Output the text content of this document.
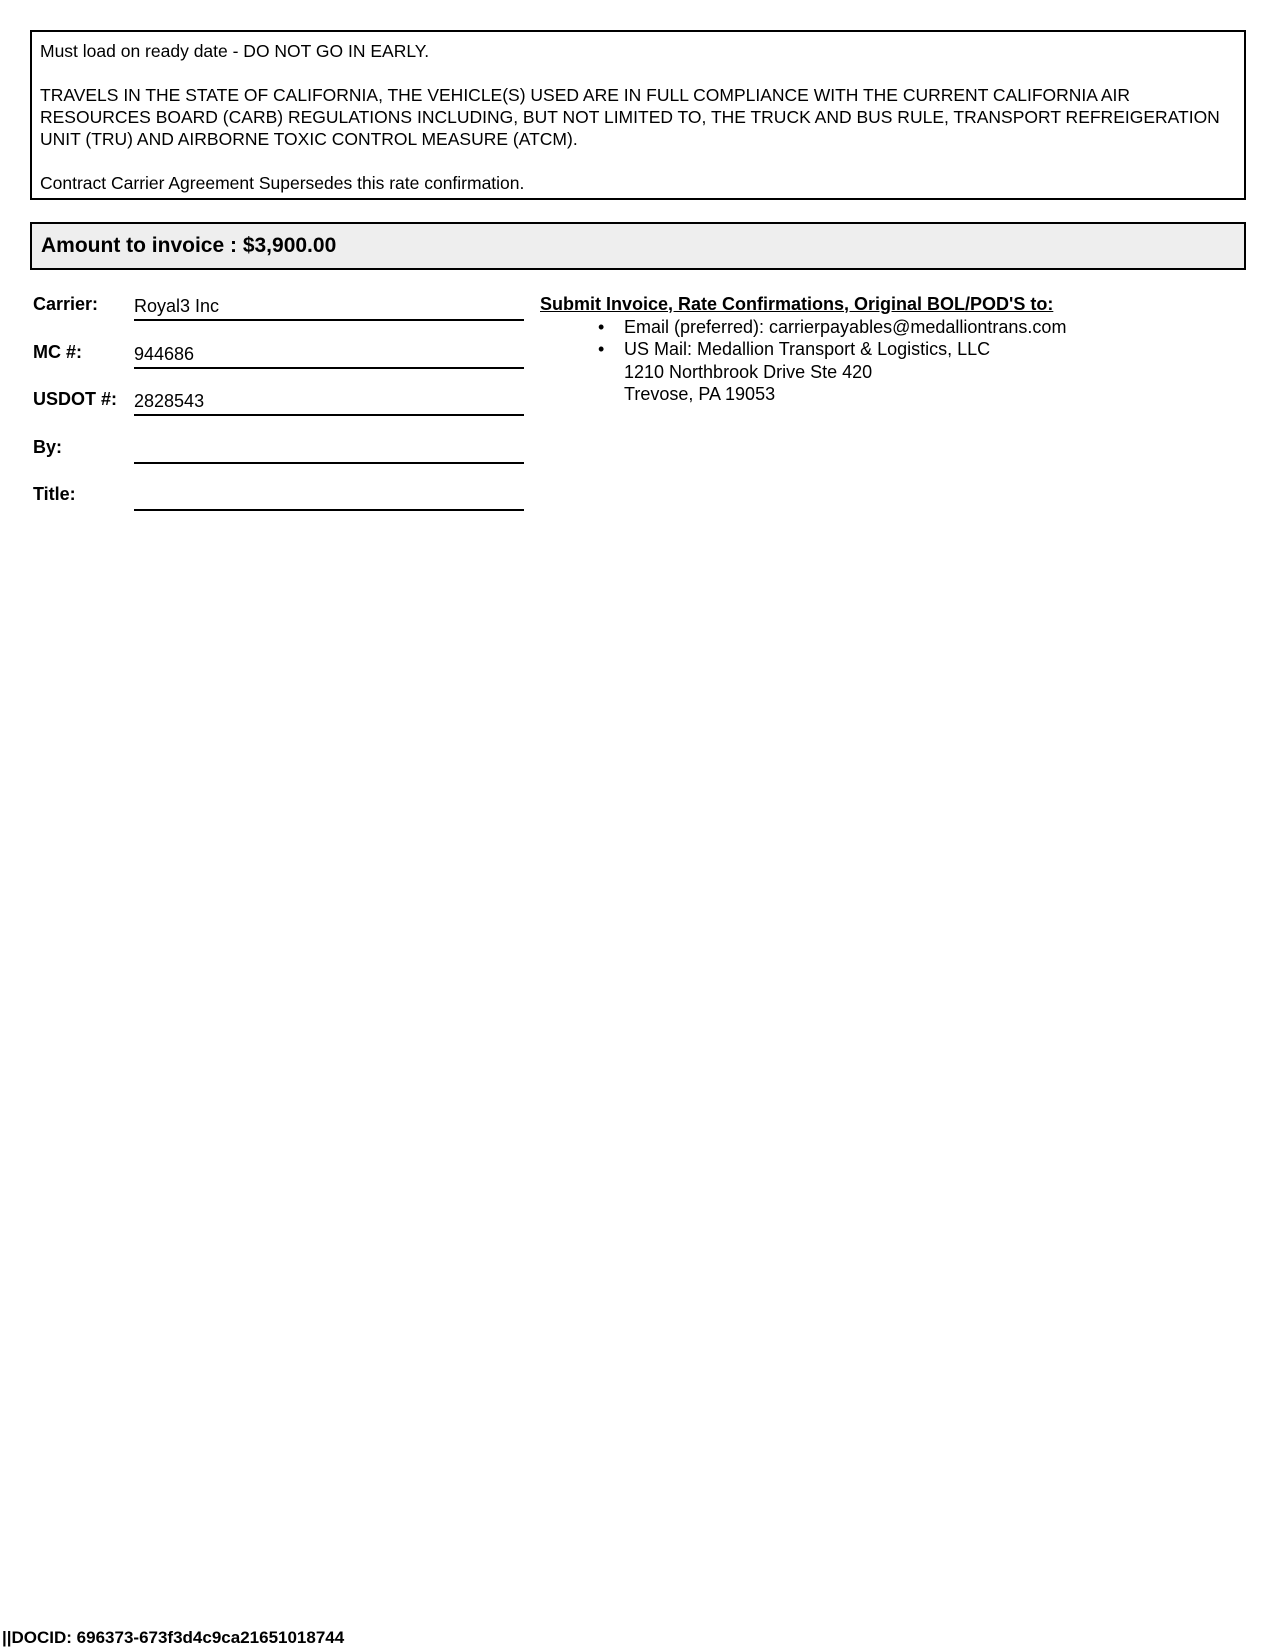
Must load on ready date - DO NOT GO IN EARLY.

TRAVELS IN THE STATE OF CALIFORNIA, THE VEHICLE(S) USED ARE IN FULL COMPLIANCE WITH THE CURRENT CALIFORNIA AIR RESOURCES BOARD (CARB) REGULATIONS INCLUDING, BUT NOT LIMITED TO, THE TRUCK AND BUS RULE, TRANSPORT REFREIGERATION UNIT (TRU) AND AIRBORNE TOXIC CONTROL MEASURE (ATCM).

Contract Carrier Agreement Supersedes this rate confirmation.

Amount to invoice : $3,900.00
Carrier: Royal3 Inc
MC #:	944686
USDOT #: 2828543
By:
Title:
Submit Invoice, Rate Confirmations, Original BOL/POD'S to:
• Email (preferred): carrierpayables@medalliontrans.com
• US Mail: Medallion Transport & Logistics, LLC
1210 Northbrook Drive Ste 420
Trevose, PA 19053
||DOCID: 696373-673f3d4c9ca21651018744
